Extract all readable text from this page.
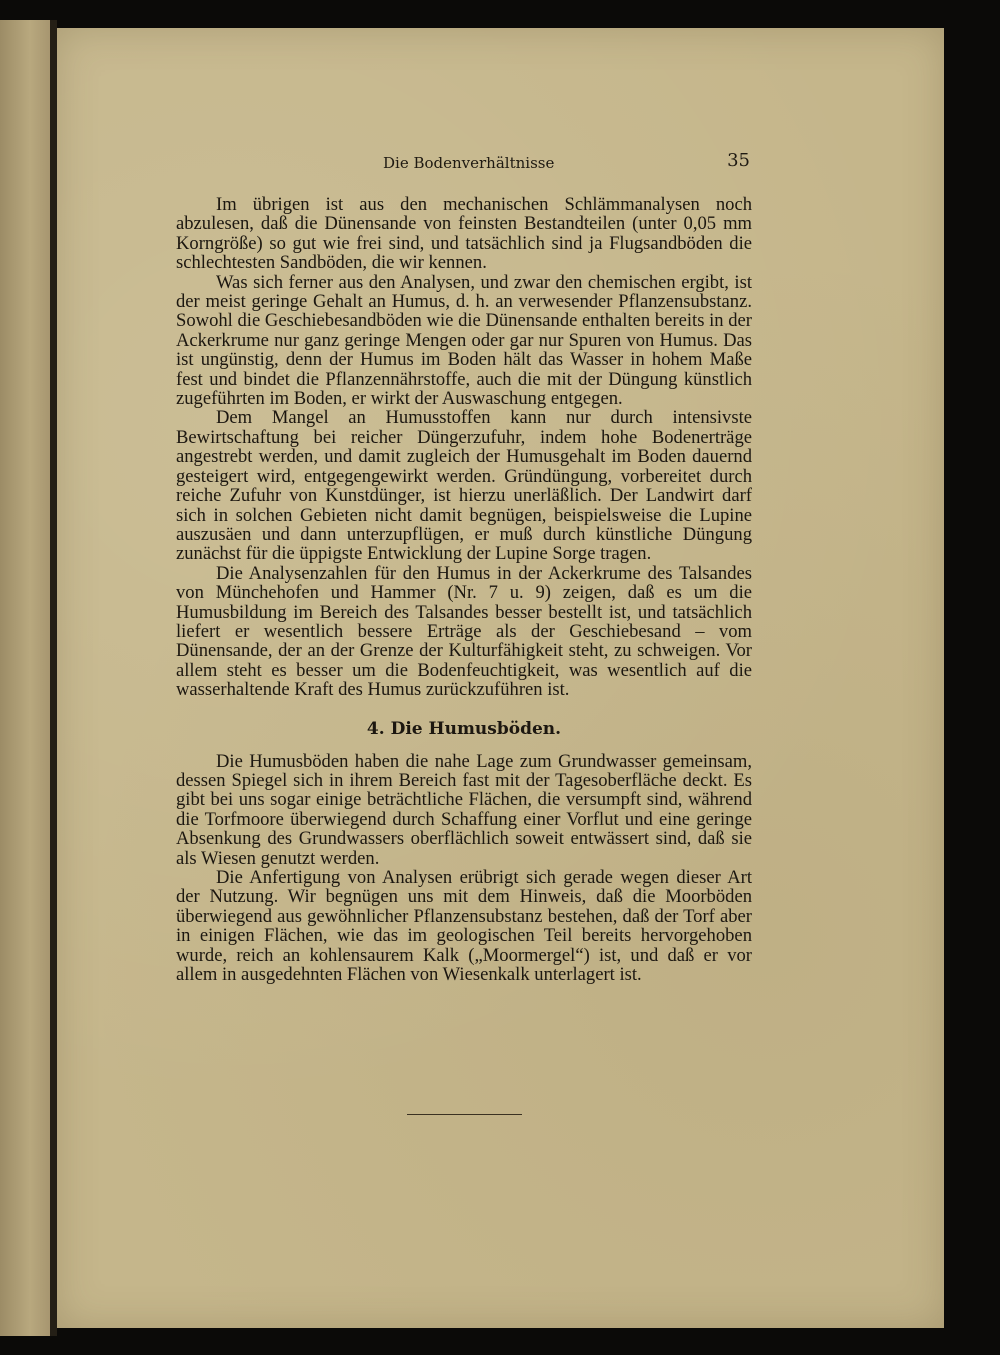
Die Bodenverhältnisse	35

Im übrigen ist aus den mechanischen Schlämmanalysen noch abzulesen, daß die Dünensande von feinsten Bestandteilen (unter 0,05 mm Korngröße) so gut wie frei sind, und tatsächlich sind ja Flugsandböden die schlechtesten Sandböden, die wir kennen.

Was sich ferner aus den Analysen, und zwar den chemischen ergibt, ist der meist geringe Gehalt an Humus, d. h. an verwesender Pflanzensubstanz. Sowohl die Geschiebesandböden wie die Dünensande enthalten bereits in der Ackerkrume nur ganz geringe Mengen oder gar nur Spuren von Humus. Das ist ungünstig, denn der Humus im Boden hält das Wasser in hohem Maße fest und bindet die Pflanzennährstoffe, auch die mit der Düngung künstlich zugeführten im Boden, er wirkt der Auswaschung entgegen.

Dem Mangel an Humusstoffen kann nur durch intensivste Bewirtschaftung bei reicher Düngerzufuhr, indem hohe Bodenerträge angestrebt werden, und damit zugleich der Humusgehalt im Boden dauernd gesteigert wird, entgegengewirkt werden. Gründüngung, vorbereitet durch reiche Zufuhr von Kunstdünger, ist hierzu unerläßlich. Der Landwirt darf sich in solchen Gebieten nicht damit begnügen, beispielsweise die Lupine auszusäen und dann unterzupflügen, er muß durch künstliche Düngung zunächst für die üppigste Entwicklung der Lupine Sorge tragen.

Die Analysenzahlen für den Humus in der Ackerkrume des Talsandes von Münchehofen und Hammer (Nr. 7 u. 9) zeigen, daß es um die Humusbildung im Bereich des Talsandes besser bestellt ist, und tatsächlich liefert er wesentlich bessere Erträge als der Geschiebesand – vom Dünensande, der an der Grenze der Kulturfähigkeit steht, zu schweigen. Vor allem steht es besser um die Bodenfeuchtigkeit, was wesentlich auf die wasserhaltende Kraft des Humus zurückzuführen ist.

4. Die Humusböden.

Die Humusböden haben die nahe Lage zum Grundwasser gemeinsam, dessen Spiegel sich in ihrem Bereich fast mit der Tagesoberfläche deckt. Es gibt bei uns sogar einige beträchtliche Flächen, die versumpft sind, während die Torfmoore überwiegend durch Schaffung einer Vorflut und eine geringe Absenkung des Grundwassers oberflächlich soweit entwässert sind, daß sie als Wiesen genutzt werden.

Die Anfertigung von Analysen erübrigt sich gerade wegen dieser Art der Nutzung. Wir begnügen uns mit dem Hinweis, daß die Moorböden überwiegend aus gewöhnlicher Pflanzensubstanz bestehen, daß der Torf aber in einigen Flächen, wie das im geologischen Teil bereits hervorgehoben wurde, reich an kohlensaurem Kalk („Moormergel“) ist, und daß er vor allem in ausgedehnten Flächen von Wiesenkalk unterlagert ist.
